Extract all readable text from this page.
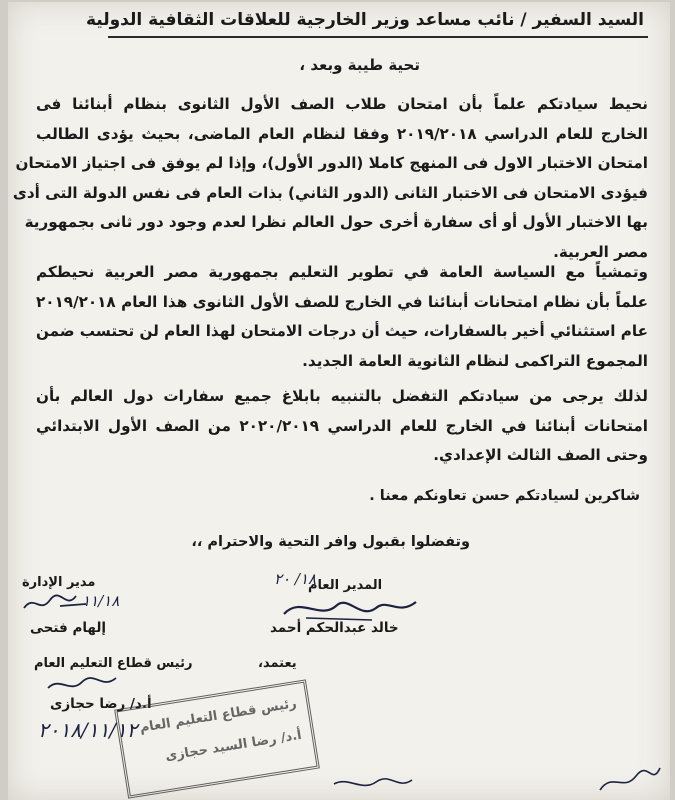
السيد السفير / نائب مساعد وزير الخارجية للعلاقات الثقافية الدولية
تحية طيبة وبعد ،
نحيط سيادتكم علماً بأن امتحان طلاب الصف الأول الثانوى بنظام أبنائنا فى
الخارج للعام الدراسي ٢٠١٩/٢٠١٨ وفقا لنظام العام الماضى، بحيث يؤدى الطالب
امتحان الاختبار الاول فى المنهج كاملا (الدور الأول)، وإذا لم يوفق فى اجتياز الامتحان
فيؤدى الامتحان فى الاختبار الثانى (الدور الثاني) بذات العام فى نفس الدولة التى أدى
بها الاختبار الأول أو أى سفارة أخرى حول العالم نظرا لعدم وجود دور ثانى بجمهورية
مصر العربية.
وتمشياً مع السياسة العامة في تطوير التعليم بجمهورية مصر العربية نحيطكم
علماً بأن نظام امتحانات أبنائنا في الخارج للصف الأول الثانوى هذا العام ٢٠١٩/٢٠١٨
عام استثنائي أخير بالسفارات، حيث أن درجات الامتحان لهذا العام لن تحتسب ضمن
المجموع التراكمى لنظام الثانوية العامة الجديد.
لذلك يرجى من سيادتكم التفضل بالتنبيه بابلاغ جميع سفارات دول العالم بأن
امتحانات أبنائنا في الخارج للعام الدراسي ٢٠٢٠/٢٠١٩ من الصف الأول الابتدائي
وحتى الصف الثالث الإعدادي.
شاكرين لسيادتكم حسن تعاونكم معنا .
وتفضلوا بقبول وافر التحية والاحترام ،،
مدير الإدارة
١١/١٨
إلهام فتحى
المدير العام
١٨/ ٢٠
خالد عبدالحكم أحمد
يعتمد،
رئيس قطاع التعليم العام
أ.د/ رضا حجازى
٢٠١٨/١١/١٢ رئيس قطاع التعليم العام
أ.د/ رضا السيد حجازى
